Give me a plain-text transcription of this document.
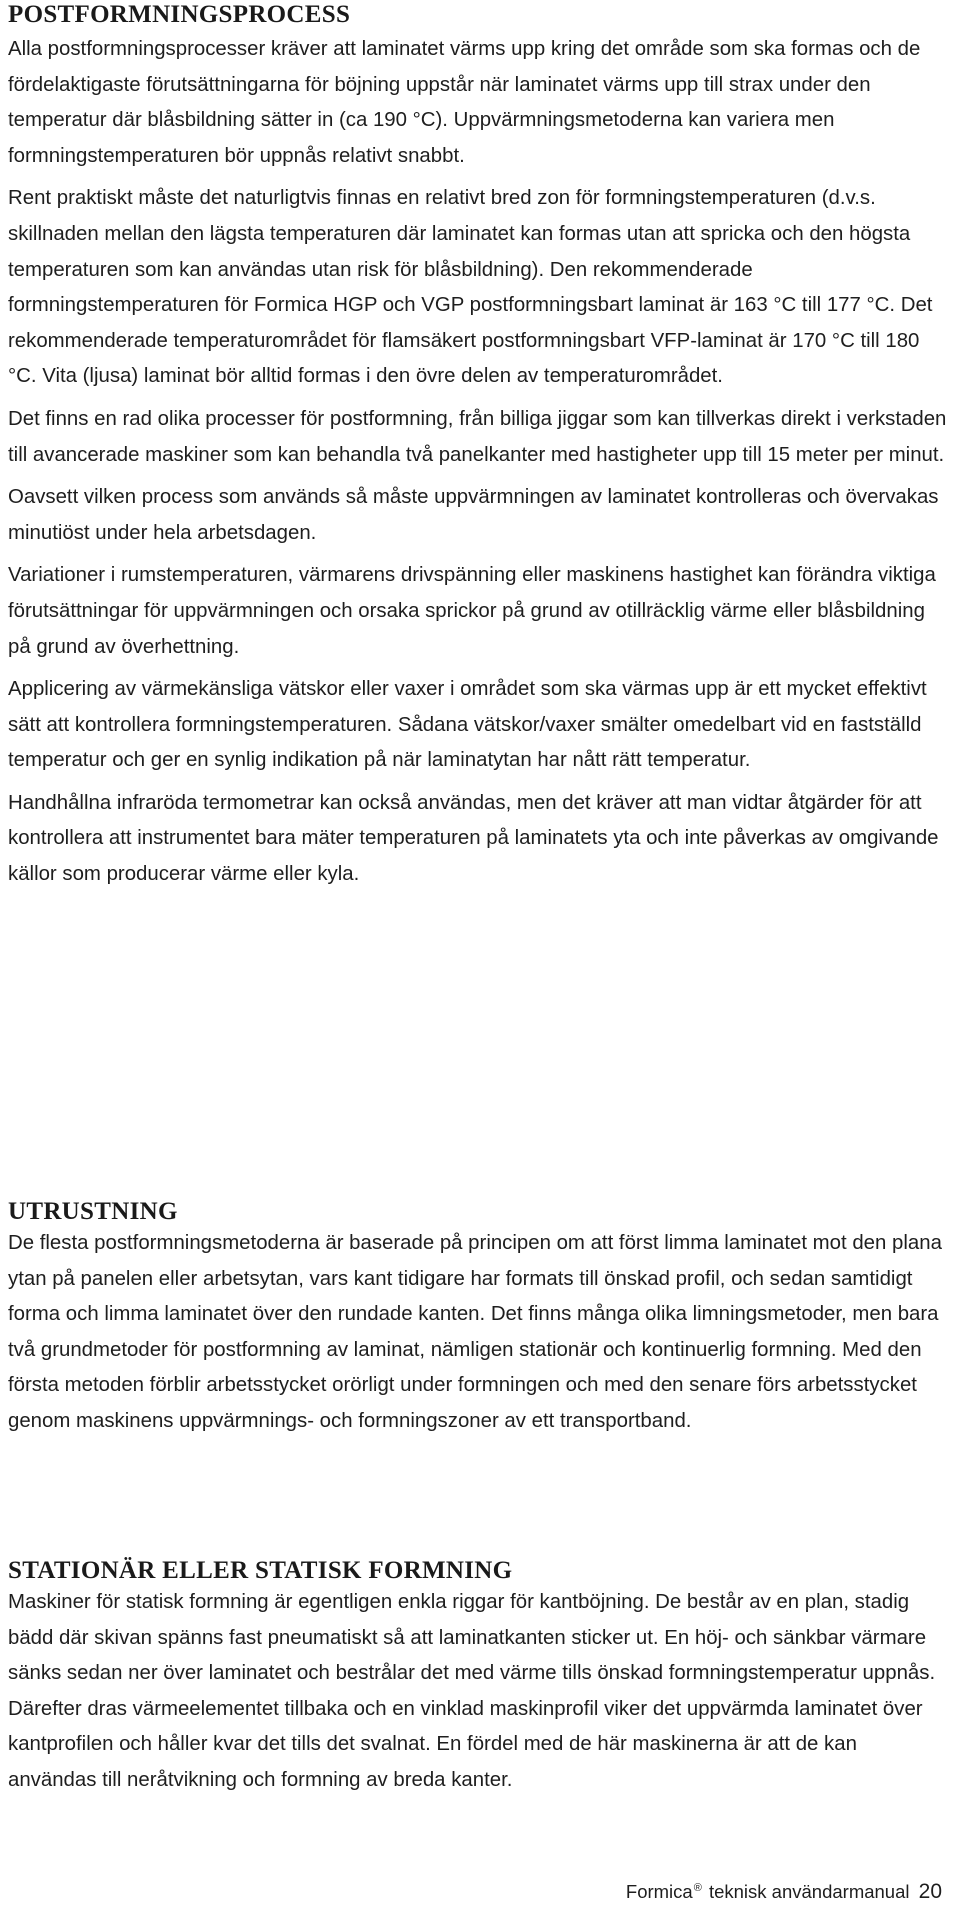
POSTFORMNINGSPROCESS

Alla postformningsprocesser kräver att laminatet värms upp kring det område som ska formas och de fördelaktigaste förutsättningarna för böjning uppstår när laminatet värms upp till strax under den temperatur där blåsbildning sätter in (ca 190 °C). Uppvärmningsmetoderna kan variera men formningstemperaturen bör uppnås relativt snabbt.

Rent praktiskt måste det naturligtvis finnas en relativt bred zon för formningstemperaturen (d.v.s. skillnaden mellan den lägsta temperaturen där laminatet kan formas utan att spricka och den högsta temperaturen som kan användas utan risk för blåsbildning). Den rekommenderade formningstemperaturen för Formica HGP och VGP postformningsbart laminat är 163 °C till 177 °C. Det rekommenderade temperaturområdet för flamsäkert postformningsbart VFP-laminat är 170 °C till 180 °C. Vita (ljusa) laminat bör alltid formas i den övre delen av temperaturområdet.

Det finns en rad olika processer för postformning, från billiga jiggar som kan tillverkas direkt i verkstaden till avancerade maskiner som kan behandla två panelkanter med hastigheter upp till 15 meter per minut.

Oavsett vilken process som används så måste uppvärmningen av laminatet kontrolleras och övervakas minutiöst under hela arbetsdagen.

Variationer i rumstemperaturen, värmarens drivspänning eller maskinens hastighet kan förändra viktiga förutsättningar för uppvärmningen och orsaka sprickor på grund av otillräcklig värme eller blåsbildning på grund av överhettning.

Applicering av värmekänsliga vätskor eller vaxer i området som ska värmas upp är ett mycket effektivt sätt att kontrollera formningstemperaturen. Sådana vätskor/vaxer smälter omedelbart vid en fastställd temperatur och ger en synlig indikation på när laminatytan har nått rätt temperatur.

Handhållna infraröda termometrar kan också användas, men det kräver att man vidtar åtgärder för att kontrollera att instrumentet bara mäter temperaturen på laminatets yta och inte påverkas av omgivande källor som producerar värme eller kyla.

UTRUSTNING

De flesta postformningsmetoderna är baserade på principen om att först limma laminatet mot den plana ytan på panelen eller arbetsytan, vars kant tidigare har formats till önskad profil, och sedan samtidigt forma och limma laminatet över den rundade kanten. Det finns många olika limningsmetoder, men bara två grundmetoder för postformning av laminat, nämligen stationär och kontinuerlig formning. Med den första metoden förblir arbetsstycket orörligt under formningen och med den senare förs arbetsstycket genom maskinens uppvärmnings- och formningszoner av ett transportband.

STATIONÄR ELLER STATISK FORMNING

Maskiner för statisk formning är egentligen enkla riggar för kantböjning. De består av en plan, stadig bädd där skivan spänns fast pneumatiskt så att laminatkanten sticker ut. En höj- och sänkbar värmare sänks sedan ner över laminatet och bestrålar det med värme tills önskad formningstemperatur uppnås. Därefter dras värmeelementet tillbaka och en vinklad maskinprofil viker det uppvärmda laminatet över kantprofilen och håller kvar det tills det svalnat. En fördel med de här maskinerna är att de kan användas till neråtvikning och formning av breda kanter.

Formica® teknisk användarmanual 20
